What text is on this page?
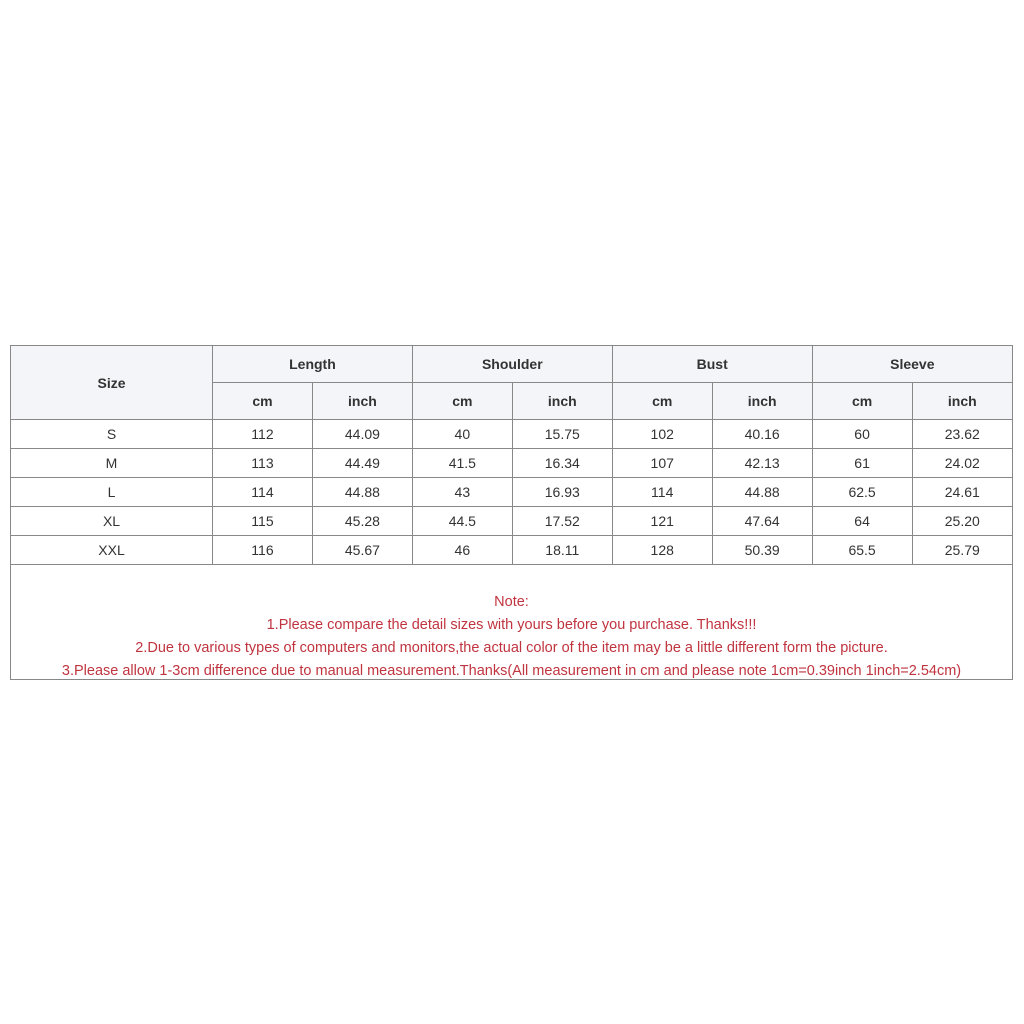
Size	Length		Shoulder		Bust		Sleeve	
	cm	inch	cm	inch	cm	inch	cm	inch
S	112	44.09	40	15.75	102	40.16	60	23.62
M	113	44.49	41.5	16.34	107	42.13	61	24.02
L	114	44.88	43	16.93	114	44.88	62.5	24.61
XL	115	45.28	44.5	17.52	121	47.64	64	25.20
XXL	116	45.67	46	18.11	128	50.39	65.5	25.79
Note:
1.Please compare the detail sizes with yours before you purchase. Thanks!!!
2.Due to various types of computers and monitors,the actual color of the item may be a little different form the picture.
3.Please allow 1-3cm difference due to manual measurement.Thanks(All measurement in cm and please note 1cm=0.39inch 1inch=2.54cm)
